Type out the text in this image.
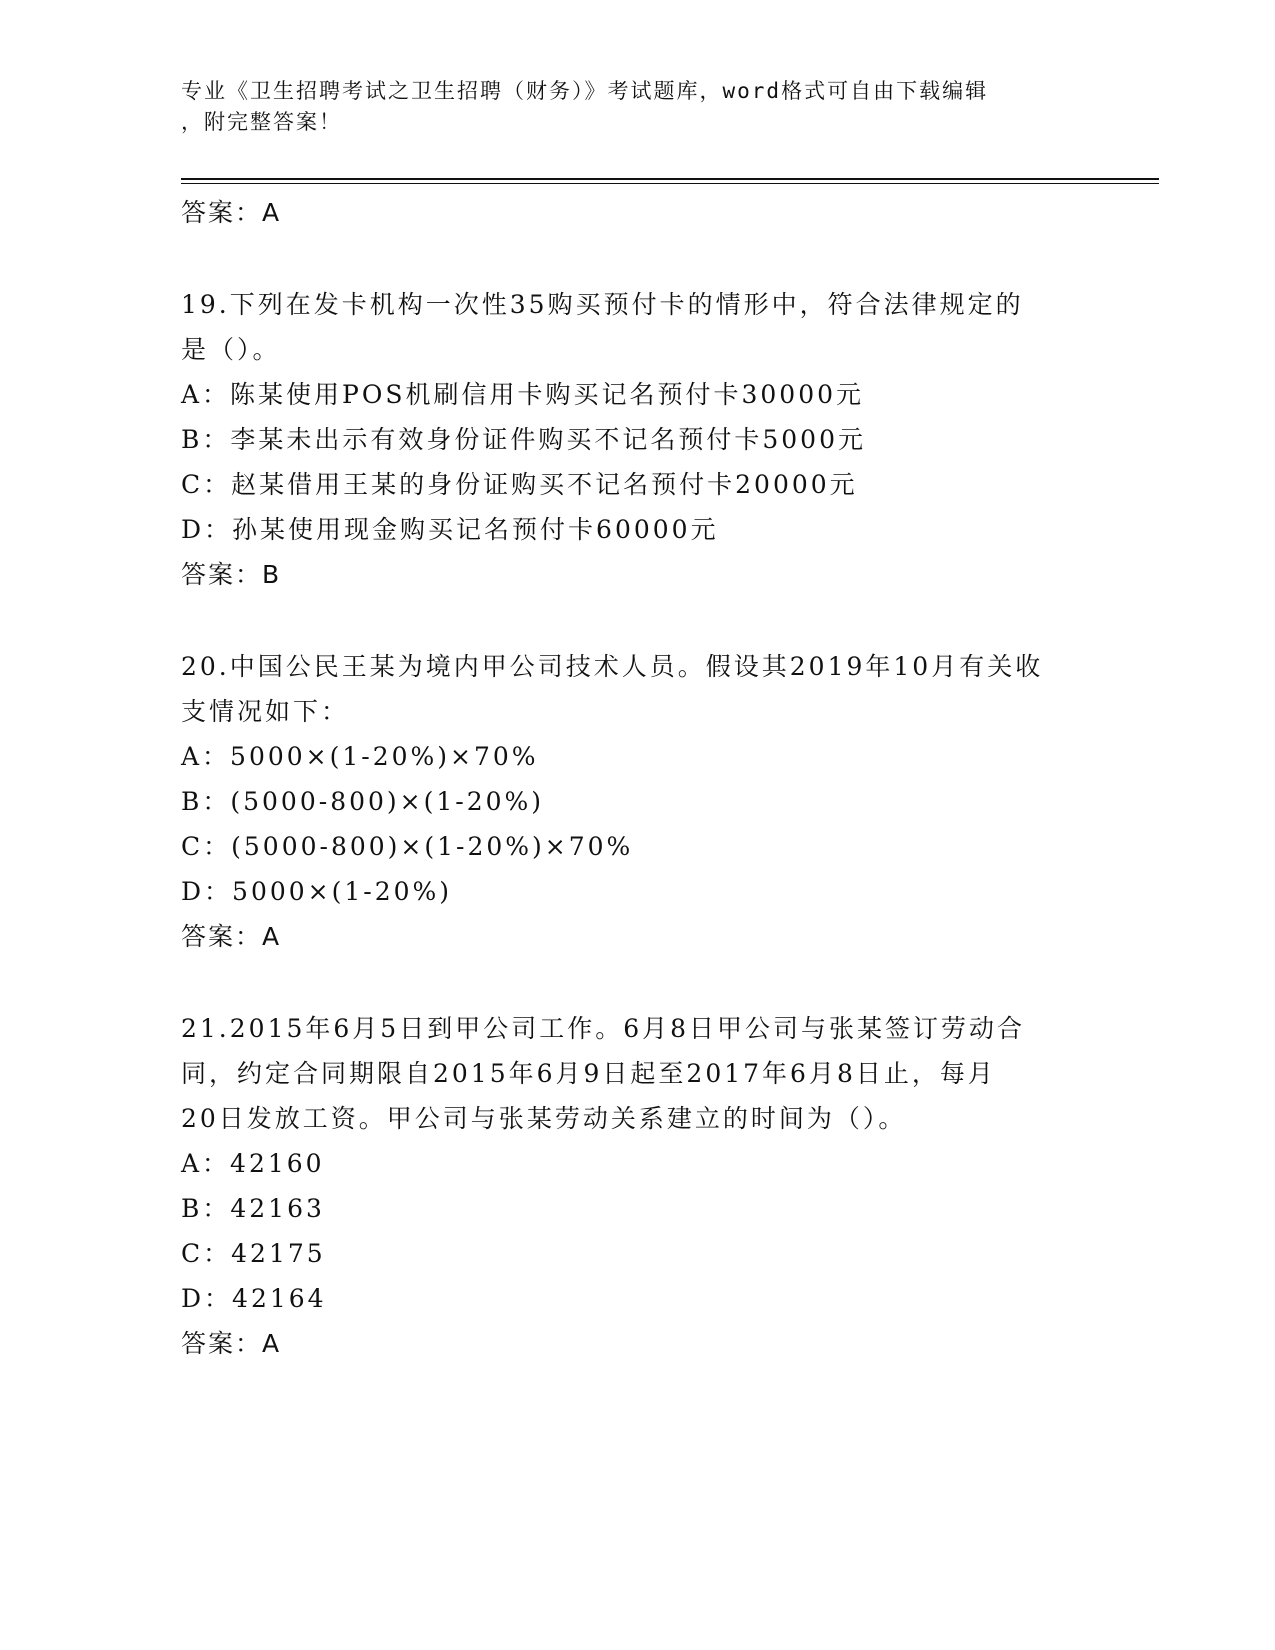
专业《卫生招聘考试之卫生招聘（财务）》考试题库，word格式可自由下载编辑
，附完整答案！
答案：A
19.下列在发卡机构一次性35购买预付卡的情形中，符合法律规定的
是（）。
A：陈某使用POS机刷信用卡购买记名预付卡30000元
B：李某未出示有效身份证件购买不记名预付卡5000元
C：赵某借用王某的身份证购买不记名预付卡20000元
D：孙某使用现金购买记名预付卡60000元
答案：B
20.中国公民王某为境内甲公司技术人员。假设其2019年10月有关收
支情况如下：
A：5000×(1-20%)×70%
B：(5000-800)×(1-20%)
C：(5000-800)×(1-20%)×70%
D：5000×(1-20%)
答案：A
21.2015年6月5日到甲公司工作。6月8日甲公司与张某签订劳动合
同，约定合同期限自2015年6月9日起至2017年6月8日止，每月
20日发放工资。甲公司与张某劳动关系建立的时间为（）。
A：42160
B：42163
C：42175
D：42164
答案：A
